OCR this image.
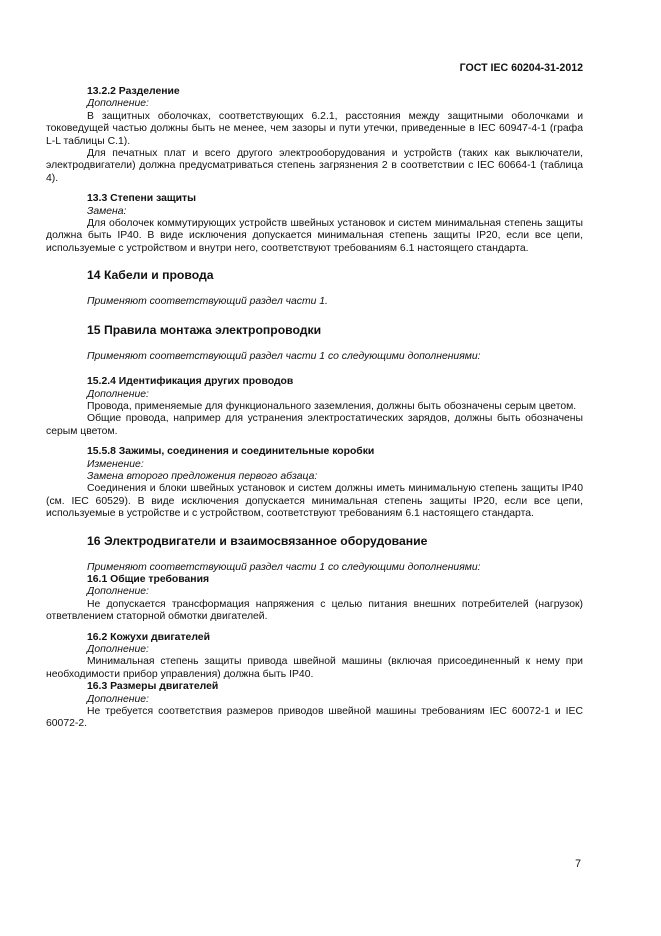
ГОСТ IEC 60204-31-2012
13.2.2 Разделение
Дополнение:

В защитных оболочках, соответствующих 6.2.1, расстояния между защитными оболочками и токоведущей частью должны быть не менее, чем зазоры и пути утечки, приведенные в IEC 60947-4-1 (графа L-L таблицы С.1).

Для печатных плат и всего другого электрооборудования и устройств (таких как выключатели, электродвигатели) должна предусматриваться степень загрязнения 2 в соответствии с IEC 60664-1 (таблица 4).

13.3 Степени защиты
Замена:

Для оболочек коммутирующих устройств швейных установок и систем минимальная степень защиты должна быть IP40. В виде исключения допускается минимальная степень защиты IP20, если все цепи, используемые с устройством и внутри него, соответствуют требованиям 6.1 настоящего стандарта.

14 Кабели и провода
Применяют соответствующий раздел части 1.
15 Правила монтажа электропроводки
Применяют соответствующий раздел части 1 со следующими дополнениями:
15.2.4 Идентификация других проводов
Дополнение:

Провода, применяемые для функционального заземления, должны быть обозначены серым цветом.

Общие провода, например для устранения электростатических зарядов, должны быть обозначены серым цветом.

15.5.8 Зажимы, соединения и соединительные коробки
Изменение:
Замена второго предложения первого абзаца:

Соединения и блоки швейных установок и систем должны иметь минимальную степень защиты IP40 (см. IEC 60529). В виде исключения допускается минимальная степень защиты IP20, если все цепи, используемые в устройстве и с устройством, соответствуют требованиям 6.1 настоящего стандарта.

16 Электродвигатели и взаимосвязанное оборудование
Применяют соответствующий раздел части 1 со следующими дополнениями:
16.1 Общие требования
Дополнение:

Не допускается трансформация напряжения с целью питания внешних потребителей (нагрузок) ответвлением статорной обмотки двигателей.

16.2 Кожухи двигателей
Дополнение:

Минимальная степень защиты привода швейной машины (включая присоединенный к нему при необходимости прибор управления) должна быть IP40.

16.3 Размеры двигателей
Дополнение:

Не требуется соответствия размеров приводов швейной машины требованиям IEC 60072-1 и IEC 60072-2.

7
